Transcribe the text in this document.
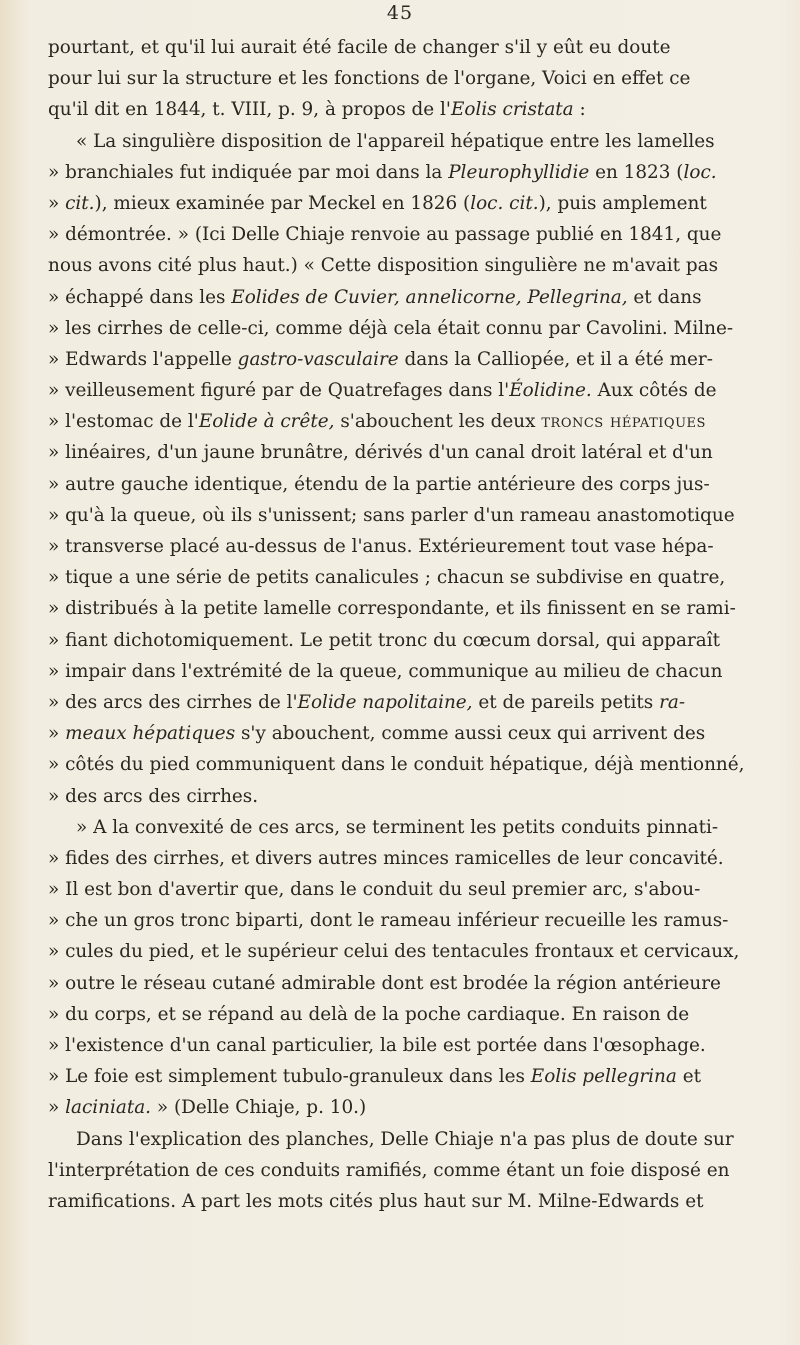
45
pourtant, et qu'il lui aurait été facile de changer s'il y eût eu doute
pour lui sur la structure et les fonctions de l'organe, Voici en effet ce
qu'il dit en 1844, t. VIII, p. 9, à propos de l'Eolis cristata :
« La singulière disposition de l'appareil hépatique entre les lamelles
» branchiales fut indiquée par moi dans la Pleurophyllidie en 1823 (loc.
» cit.), mieux examinée par Meckel en 1826 (loc. cit.), puis amplement
» démontrée. » (Ici Delle Chiaje renvoie au passage publié en 1841, que
nous avons cité plus haut.) « Cette disposition singulière ne m'avait pas
» échappé dans les Eolides de Cuvier, annelicorne, Pellegrina, et dans
» les cirrhes de celle-ci, comme déjà cela était connu par Cavolini. Milne-
» Edwards l'appelle gastro-vasculaire dans la Calliopée, et il a été mer-
» veilleusement figuré par de Quatrefages dans l'Éolidine. Aux côtés de
» l'estomac de l'Eolide à crête, s'abouchent les deux troncs hépatiques
» linéaires, d'un jaune brunâtre, dérivés d'un canal droit latéral et d'un
» autre gauche identique, étendu de la partie antérieure des corps jus-
» qu'à la queue, où ils s'unissent; sans parler d'un rameau anastomotique
» transverse placé au-dessus de l'anus. Extérieurement tout vase hépa-
» tique a une série de petits canalicules ; chacun se subdivise en quatre,
» distribués à la petite lamelle correspondante, et ils finissent en se rami-
» fiant dichotomiquement. Le petit tronc du cœcum dorsal, qui apparaît
» impair dans l'extrémité de la queue, communique au milieu de chacun
» des arcs des cirrhes de l'Eolide napolitaine, et de pareils petits ra-
» meaux hépatiques s'y abouchent, comme aussi ceux qui arrivent des
» côtés du pied communiquent dans le conduit hépatique, déjà mentionné,
» des arcs des cirrhes.
» A la convexité de ces arcs, se terminent les petits conduits pinnati-
» fides des cirrhes, et divers autres minces ramicelles de leur concavité.
» Il est bon d'avertir que, dans le conduit du seul premier arc, s'abou-
» che un gros tronc biparti, dont le rameau inférieur recueille les ramus-
» cules du pied, et le supérieur celui des tentacules frontaux et cervicaux,
» outre le réseau cutané admirable dont est brodée la région antérieure
» du corps, et se répand au delà de la poche cardiaque. En raison de
» l'existence d'un canal particulier, la bile est portée dans l'œsophage.
» Le foie est simplement tubulo-granuleux dans les Eolis pellegrina et
» laciniata. » (Delle Chiaje, p. 10.)
Dans l'explication des planches, Delle Chiaje n'a pas plus de doute sur
l'interprétation de ces conduits ramifiés, comme étant un foie disposé en
ramifications. A part les mots cités plus haut sur M. Milne-Edwards et
